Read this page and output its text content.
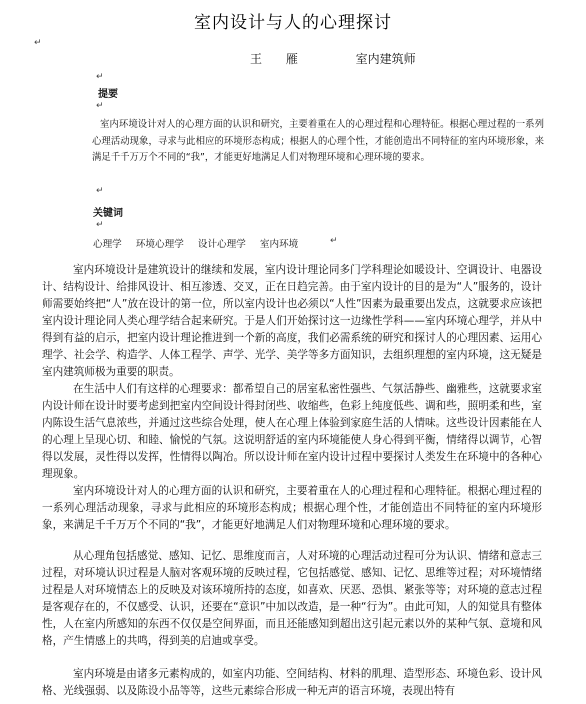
室内设计与人的心理探讨
↵
王 雁	室内建筑师
↵
提要
↵
室内环境设计对人的心理方面的认识和研究，主要着重在人的心理过程和心理特征。根据心理过程的一系列心理活动现象，寻求与此相应的环境形态构成；根据人的心理个性，才能创造出不同特征的室内环境形象，来满足千千万万个不同的“我”，才能更好地满足人们对物理环境和心理环境的要求。
↵
关键词
↵
心理学 环境心理学 设计心理学 室内环境	↵
室内环境设计是建筑设计的继续和发展，室内设计理论同多门学科理论如暖设计、空调设计、电器设计、结构设计、给排风设计、相互渗透、交叉，正在日趋完善。由于室内设计的目的是为“人”服务的，设计师需要始终把“人”放在设计的第一位，所以室内设计也必须以“人性”因素为最重要出发点，这就要求应该把室内设计理论同人类心理学结合起来研究。于是人们开始探讨这一边缘性学科——室内环境心理学，并从中得到有益的启示，把室内设计理论推进到一个新的高度，我们必需系统的研究和探讨人的心理因素、运用心理学、社会学、构造学、人体工程学、声学、光学、美学等多方面知识，去组织理想的室内环境，这无疑是室内建筑师极为重要的职责。
在生活中人们有这样的心理要求：都希望自己的居室私密性强些、气氛活静些、幽雅些，这就要求室内设计师在设计时要考虑到把室内空间设计得封闭些、收缩些，色彩上纯度低些、调和些，照明柔和些，室内陈设生活气息浓些，并通过这些综合处理，使人在心理上体验到家庭生活的人情味。这些设计因素能在人的心理上呈现心切、和睦、愉悦的气氛。这说明舒适的室内环境能使人身心得到平衡，情绪得以调节，心智得以发展，灵性得以发挥，性情得以陶冶。所以设计师在室内设计过程中要探讨人类发生在环境中的各种心理现象。
室内环境设计对人的心理方面的认识和研究，主要着重在人的心理过程和心理特征。根据心理过程的一系列心理活动现象，寻求与此相应的环境形态构成；根据心理个性，才能创造出不同特征的室内环境形象，来满足千千万万个不同的“我”，才能更好地满足人们对物理环境和心理环境的要求。
从心理角包括感觉、感知、记忆、思维度而言，人对环境的心理活动过程可分为认识、情绪和意志三过程，对环境认识过程是人脑对客观环境的反映过程，它包括感觉、感知、记忆、思维等过程；对环境情绪过程是人对环境情态上的反映及对该环境所持的态度，如喜欢、厌恶、恐惧、紧张等等；对环境的意志过程是客观存在的，不仅感受、认识，还要在“意识”中加以改造，是一种“行为”。由此可知，人的知觉具有整体性，人在室内所感知的东西不仅仅是空间界面，而且还能感知到超出这引起元素以外的某种气氛、意境和风格，产生情感上的共鸣，得到美的启迪或享受。
室内环境是由诸多元素构成的，如室内功能、空间结构、材料的肌理、造型形态、环境色彩、设计风格、光线强弱、以及陈设小品等等，这些元素综合形成一种无声的语言环境，表现出特有
